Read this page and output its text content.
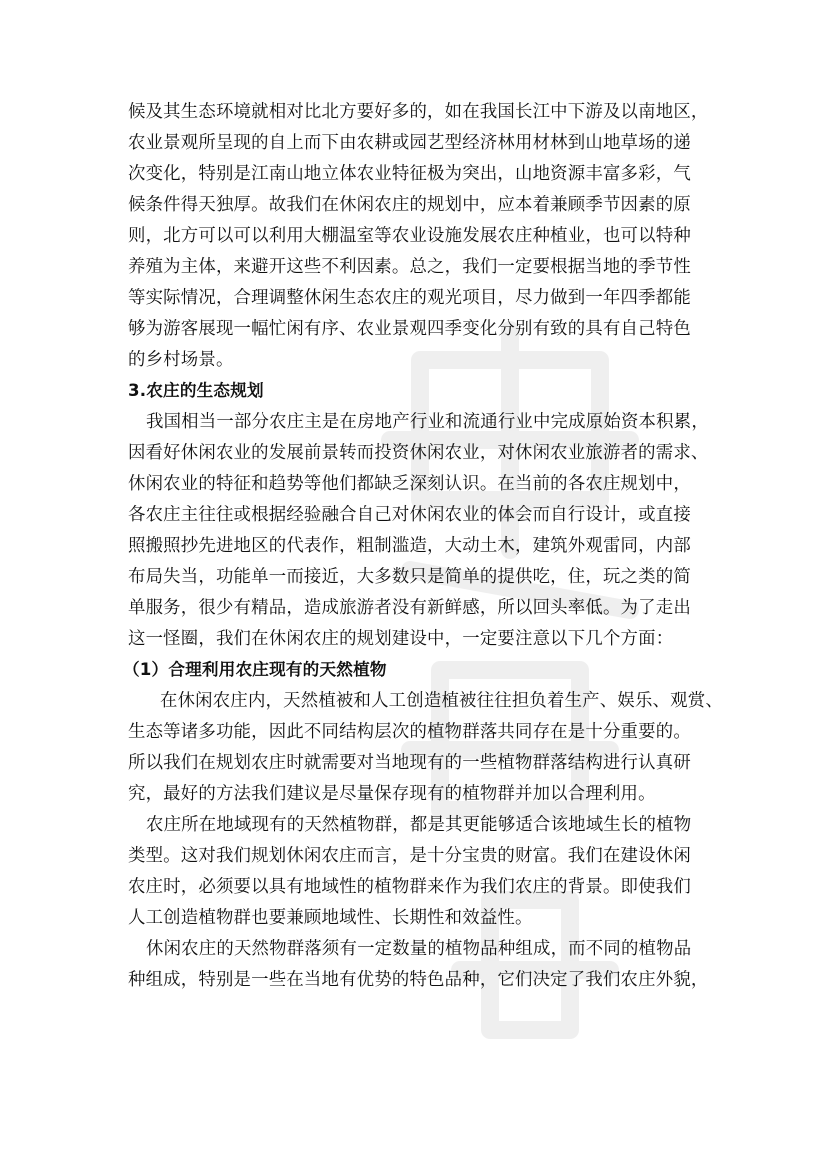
候及其生态环境就相对比北方要好多的，如在我国长江中下游及以南地区，
农业景观所呈现的自上而下由农耕或园艺型经济林用材林到山地草场的递
次变化，特别是江南山地立体农业特征极为突出，山地资源丰富多彩，气
候条件得天独厚。故我们在休闲农庄的规划中，应本着兼顾季节因素的原
则，北方可以可以利用大棚温室等农业设施发展农庄种植业，也可以特种
养殖为主体，来避开这些不利因素。总之，我们一定要根据当地的季节性
等实际情况，合理调整休闲生态农庄的观光项目，尽力做到一年四季都能
够为游客展现一幅忙闲有序、农业景观四季变化分别有致的具有自己特色
的乡村场景。
3.农庄的生态规划
我国相当一部分农庄主是在房地产行业和流通行业中完成原始资本积累，
因看好休闲农业的发展前景转而投资休闲农业，对休闲农业旅游者的需求、
休闲农业的特征和趋势等他们都缺乏深刻认识。在当前的各农庄规划中，
各农庄主往往或根据经验融合自己对休闲农业的体会而自行设计，或直接
照搬照抄先进地区的代表作，粗制滥造，大动土木，建筑外观雷同，内部
布局失当，功能单一而接近，大多数只是简单的提供吃，住，玩之类的简
单服务，很少有精品，造成旅游者没有新鲜感，所以回头率低。为了走出
这一怪圈，我们在休闲农庄的规划建设中，一定要注意以下几个方面：
（1）合理利用农庄现有的天然植物
在休闲农庄内，天然植被和人工创造植被往往担负着生产、娱乐、观赏、
生态等诸多功能，因此不同结构层次的植物群落共同存在是十分重要的。
所以我们在规划农庄时就需要对当地现有的一些植物群落结构进行认真研
究，最好的方法我们建议是尽量保存现有的植物群并加以合理利用。
农庄所在地域现有的天然植物群，都是其更能够适合该地域生长的植物
类型。这对我们规划休闲农庄而言，是十分宝贵的财富。我们在建设休闲
农庄时，必须要以具有地域性的植物群来作为我们农庄的背景。即使我们
人工创造植物群也要兼顾地域性、长期性和效益性。
休闲农庄的天然物群落须有一定数量的植物品种组成，而不同的植物品
种组成，特别是一些在当地有优势的特色品种，它们决定了我们农庄外貌，
